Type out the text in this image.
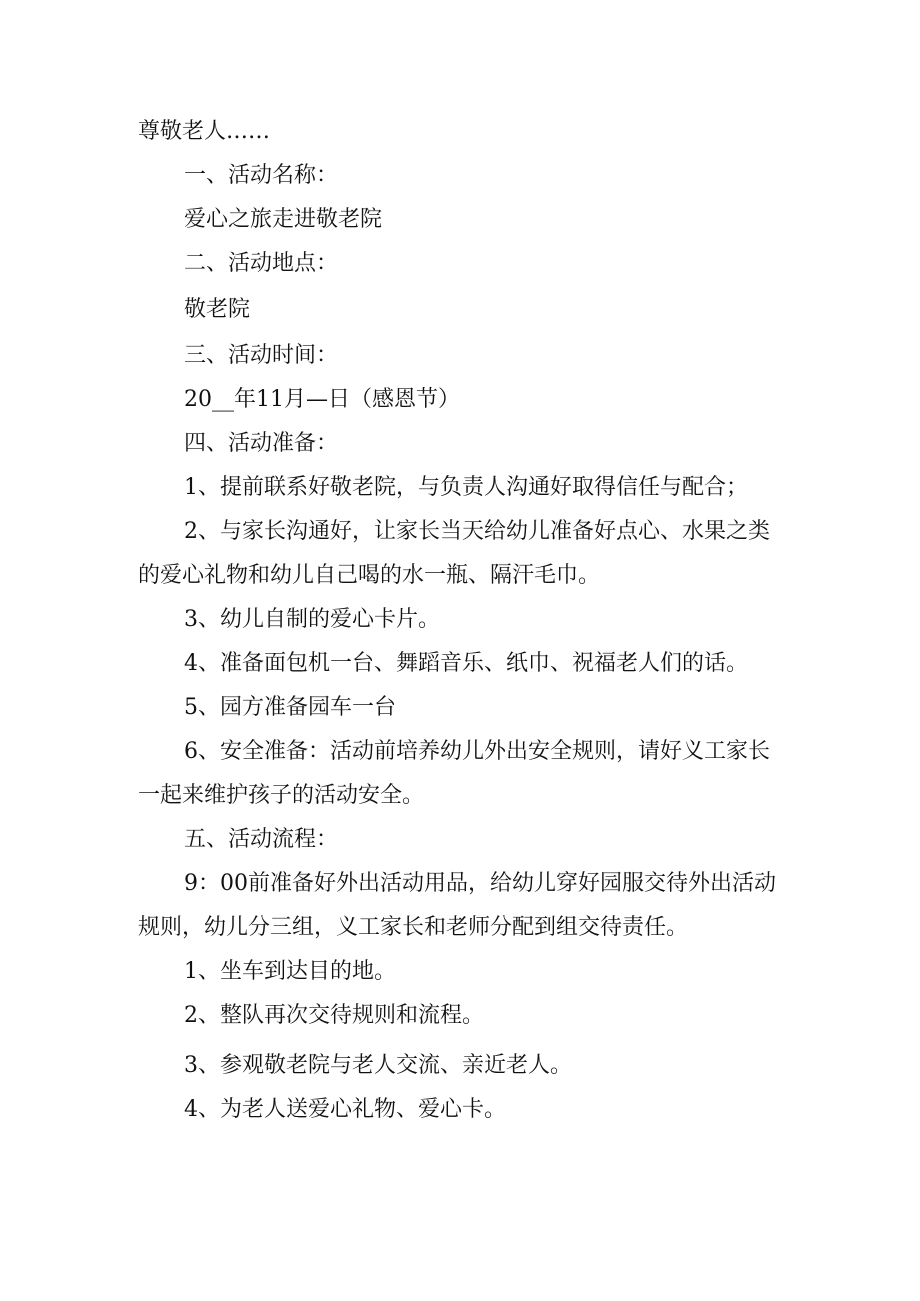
尊敬老人……

一、活动名称：

爱心之旅走进敬老院

二、活动地点：

敬老院

三、活动时间：

20__年11月—日（感恩节）

四、活动准备：

1、提前联系好敬老院，与负责人沟通好取得信任与配合；

2、与家长沟通好，让家长当天给幼儿准备好点心、水果之类的爱心礼物和幼儿自己喝的水一瓶、隔汗毛巾。

3、幼儿自制的爱心卡片。

4、准备面包机一台、舞蹈音乐、纸巾、祝福老人们的话。

5、园方准备园车一台

6、安全准备：活动前培养幼儿外出安全规则，请好义工家长一起来维护孩子的活动安全。

五、活动流程：

9：00前准备好外出活动用品，给幼儿穿好园服交待外出活动规则，幼儿分三组，义工家长和老师分配到组交待责任。

1、坐车到达目的地。

2、整队再次交待规则和流程。

3、参观敬老院与老人交流、亲近老人。

4、为老人送爱心礼物、爱心卡。
